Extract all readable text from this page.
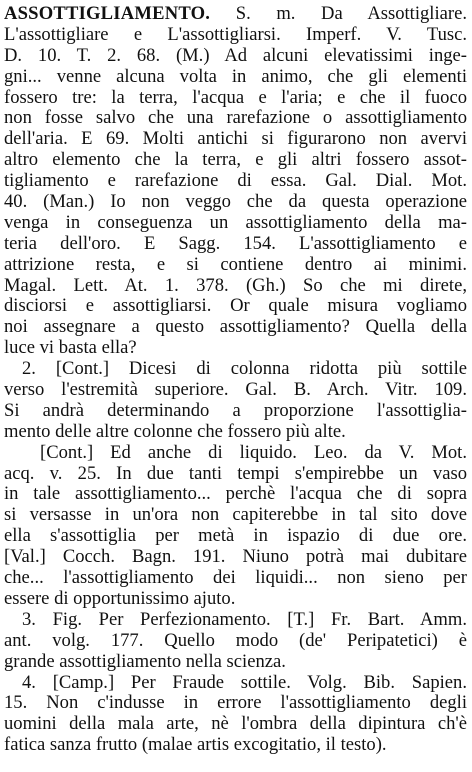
ASSOTTIGLIAMENTO. S. m. Da Assottigliare.
L'assottigliare e L'assottigliarsi. Imperf. V. Tusc.
D. 10. T. 2. 68. (M.) Ad alcuni elevatissimi inge-
gni... venne alcuna volta in animo, che gli elementi
fossero tre: la terra, l'acqua e l'aria; e che il fuoco
non fosse salvo che una rarefazione o assottigliamento
dell'aria. E 69. Molti antichi si figurarono non avervi
altro elemento che la terra, e gli altri fossero assot-
tigliamento e rarefazione di essa. Gal. Dial. Mot.
40. (Man.) Io non veggo che da questa operazione
venga in conseguenza un assottigliamento della ma-
teria dell'oro. E Sagg. 154. L'assottigliamento e
attrizione resta, e si contiene dentro ai minimi.
Magal. Lett. At. 1. 378. (Gh.) So che mi direte,
disciorsi e assottigliarsi. Or quale misura vogliamo
noi assegnare a questo assottigliamento? Quella della
luce vi basta ella?
2. [Cont.] Dicesi di colonna ridotta più sottile
verso l'estremità superiore. Gal. B. Arch. Vitr. 109.
Si andrà determinando a proporzione l'assottiglia-
mento delle altre colonne che fossero più alte.
[Cont.] Ed anche di liquido. Leo. da V. Mot.
acq. v. 25. In due tanti tempi s'empirebbe un vaso
in tale assottigliamento... perchè l'acqua che di sopra
si versasse in un'ora non capiterebbe in tal sito dove
ella s'assottiglia per metà in ispazio di due ore.
[Val.] Cocch. Bagn. 191. Niuno potrà mai dubitare
che... l'assottigliamento dei liquidi... non sieno per
essere di opportunissimo ajuto.
3. Fig. Per Perfezionamento. [T.] Fr. Bart. Amm.
ant. volg. 177. Quello modo (de' Peripatetici) è
grande assottigliamento nella scienza.
4. [Camp.] Per Fraude sottile. Volg. Bib. Sapien.
15. Non c'indusse in errore l'assottigliamento degli
uomini della mala arte, nè l'ombra della dipintura ch'è
fatica sanza frutto (malae artis excogitatio, il testo).
